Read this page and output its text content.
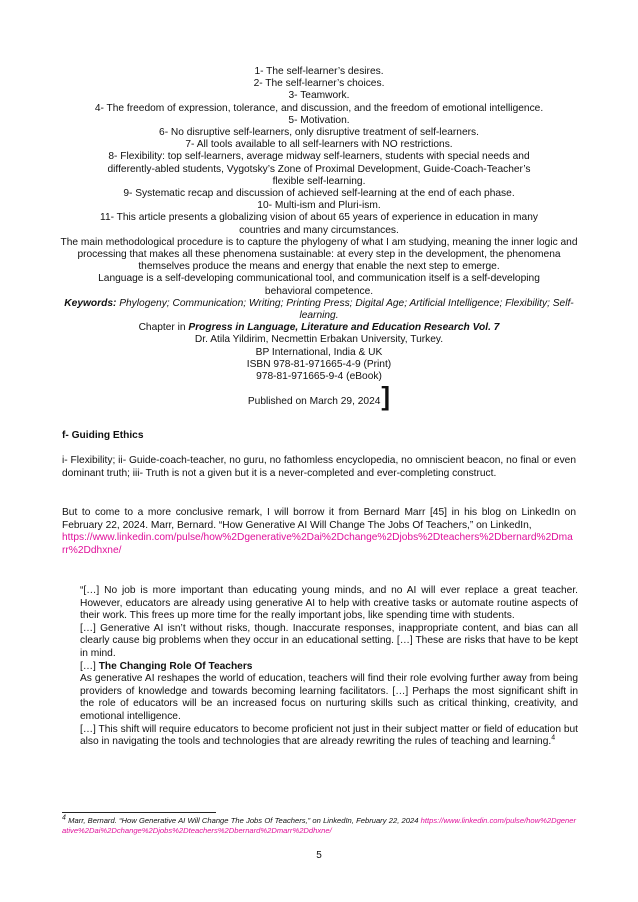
1- The self-learner’s desires.
2- The self-learner’s choices.
3- Teamwork.
4- The freedom of expression, tolerance, and discussion, and the freedom of emotional intelligence.
5- Motivation.
6- No disruptive self-learners, only disruptive treatment of self-learners.
7- All tools available to all self-learners with NO restrictions.
8- Flexibility: top self-learners, average midway self-learners, students with special needs and differently-abled students, Vygotsky’s Zone of Proximal Development, Guide-Coach-Teacher’s flexible self-learning.
9- Systematic recap and discussion of achieved self-learning at the end of each phase.
10- Multi-ism and Pluri-ism.
11- This article presents a globalizing vision of about 65 years of experience in education in many countries and many circumstances.
The main methodological procedure is to capture the phylogeny of what I am studying, meaning the inner logic and processing that makes all these phenomena sustainable: at every step in the development, the phenomena themselves produce the means and energy that enable the next step to emerge.
Language is a self-developing communicational tool, and communication itself is a self-developing behavioral competence.
Keywords: Phylogeny; Communication; Writing; Printing Press; Digital Age; Artificial Intelligence; Flexibility; Self-learning.
Chapter in Progress in Language, Literature and Education Research Vol. 7
Dr. Atila Yildirim, Necmettin Erbakan University, Turkey.
BP International, India & UK
ISBN 978-81-971665-4-9 (Print)
978-81-971665-9-4 (eBook)
Published on March 29, 2024]
f- Guiding Ethics
i- Flexibility; ii- Guide-coach-teacher, no guru, no fathomless encyclopedia, no omniscient beacon, no final or even dominant truth; iii- Truth is not a given but it is a never-completed and ever-completing construct.
But to come to a more conclusive remark, I will borrow it from Bernard Marr [45] in his blog on LinkedIn on February 22, 2024. Marr, Bernard. “How Generative AI Will Change The Jobs Of Teachers,” on LinkedIn,
https://www.linkedin.com/pulse/how%2Dgenerative%2Dai%2Dchange%2Djobs%2Dteachers%2Dbernard%2Dmarr%2Ddhxne/
“[…] No job is more important than educating young minds, and no AI will ever replace a great teacher. However, educators are already using generative AI to help with creative tasks or automate routine aspects of their work. This frees up more time for the really important jobs, like spending time with students.
[…] Generative AI isn’t without risks, though. Inaccurate responses, inappropriate content, and bias can all clearly cause big problems when they occur in an educational setting. […] These are risks that have to be kept in mind.
[…] The Changing Role Of Teachers
As generative AI reshapes the world of education, teachers will find their role evolving further away from being providers of knowledge and towards becoming learning facilitators. […] Perhaps the most significant shift in the role of educators will be an increased focus on nurturing skills such as critical thinking, creativity, and emotional intelligence.
[…] This shift will require educators to become proficient not just in their subject matter or field of education but also in navigating the tools and technologies that are already rewriting the rules of teaching and learning.$^4$
$^4$ Marr, Bernard. “How Generative AI Will Change The Jobs Of Teachers,” on LinkedIn, February 22, 2024 https://www.linkedin.com/pulse/how%2Dgenerative%2Dai%2Dchange%2Djobs%2Dteachers%2Dbernard%2Dmarr%2Ddhxne/
5
